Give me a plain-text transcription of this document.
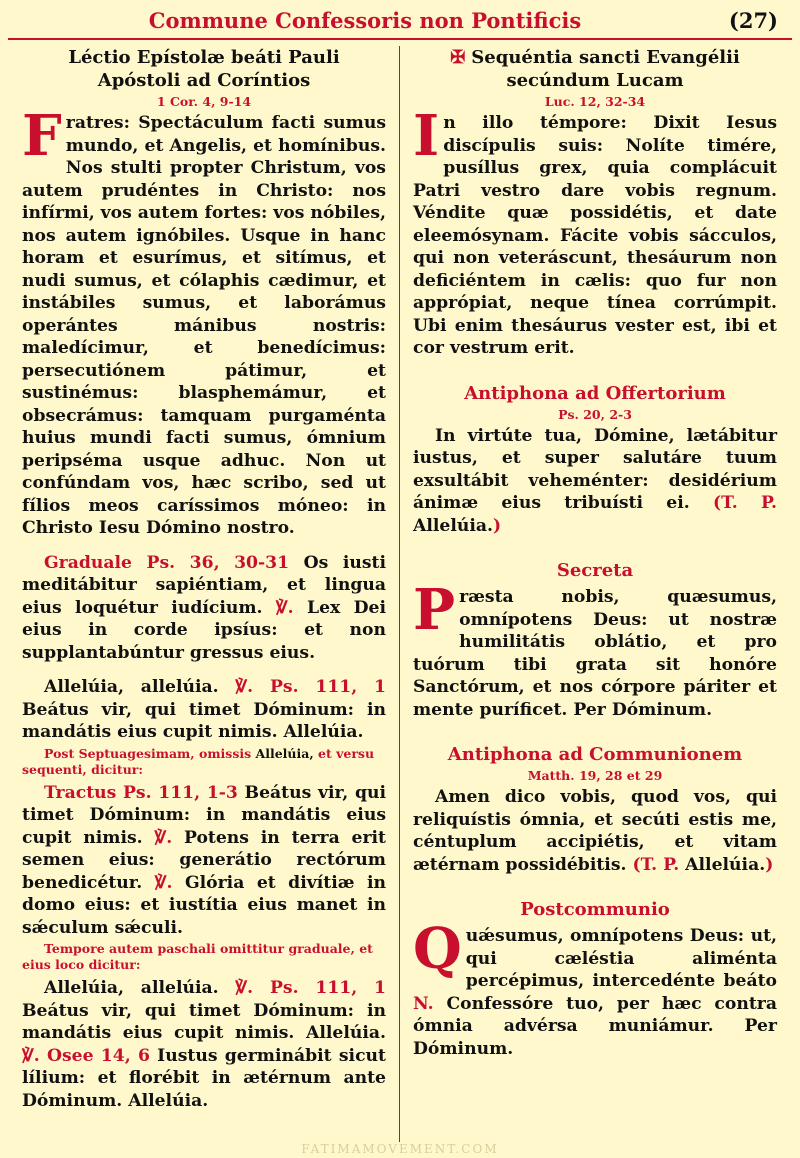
Commune Confessoris non Pontificis	(27)

Léctio Epístolæ beáti Pauli
Apóstoli ad Coríntios

1 Cor. 4, 9-14

Fratres: Spectáculum facti sumus mundo, et Angelis, et homínibus. Nos stulti propter Christum, vos autem prudéntes in Christo: nos infírmi, vos autem fortes: vos nóbiles, nos autem ignóbiles. Usque in hanc horam et esurímus, et sitímus, et nudi sumus, et cólaphis cædimur, et instábiles sumus, et laborámus operántes mánibus nostris: maledícimur, et benedícimus: persecutiónem pátimur, et sustinémus: blasphemámur, et obsecrámus: tamquam purgaménta huius mundi facti sumus, ómnium peripséma usque adhuc. Non ut confúndam vos, hæc scribo, sed ut fílios meos caríssimos móneo: in Christo Iesu Dómino nostro.

Graduale Ps. 36, 30-31 Os iusti meditábitur sapiéntiam, et lingua eius loquétur iudícium. ℣. Lex Dei eius in corde ipsíus: et non supplantabúntur gressus eius.

Allelúia, allelúia. ℣. Ps. 111, 1 Beátus vir, qui timet Dóminum: in mandátis eius cupit nimis. Allelúia.

Post Septuagesimam, omissis Allelúia, et versu sequenti, dicitur:

Tractus Ps. 111, 1-3 Beátus vir, qui timet Dóminum: in mandátis eius cupit nimis. ℣. Potens in terra erit semen eius: generátio rectórum benedicétur. ℣. Glória et divítiæ in domo eius: et iustítia eius manet in sǽculum sǽculi.

Tempore autem paschali omittitur graduale, et eius loco dicitur:

Allelúia, allelúia. ℣. Ps. 111, 1 Beátus vir, qui timet Dóminum: in mandátis eius cupit nimis. Allelúia. ℣. Osee 14, 6 Iustus germinábit sicut lílium: et florébit in ætérnum ante Dóminum. Allelúia.

✠ Sequéntia sancti Evangélii
secúndum Lucam

Luc. 12, 32-34

In illo témpore: Dixit Iesus discípulis suis: Nolíte timére, pusíllus grex, quia complácuit Patri vestro dare vobis regnum. Véndite quæ possidétis, et date eleemósynam. Fácite vobis sácculos, qui non veteráscunt, thesáurum non deficiéntem in cælis: quo fur non apprópiat, neque tínea corrúmpit. Ubi enim thesáurus vester est, ibi et cor vestrum erit.

Antiphona ad Offertorium

Ps. 20, 2-3

In virtúte tua, Dómine, lætábitur iustus, et super salutáre tuum exsultábit veheménter: desidérium ánimæ eius tribuísti ei. (T. P. Allelúia.)

Secreta

Præsta nobis, quæsumus, omnípotens Deus: ut nostræ humilitátis oblátio, et pro tuórum tibi grata sit honóre Sanctórum, et nos córpore páriter et mente puríficet. Per Dóminum.

Antiphona ad Communionem

Matth. 19, 28 et 29

Amen dico vobis, quod vos, qui reliquístis ómnia, et secúti estis me, céntuplum accipiétis, et vitam ætérnam possidébitis. (T. P. Allelúia.)

Postcommunio

Quǽsumus, omnípotens Deus: ut, qui cæléstia aliménta percépimus, intercedénte beáto N. Confessóre tuo, per hæc contra ómnia advérsa muniámur. Per Dóminum.

FATIMAMOVEMENT.COM
